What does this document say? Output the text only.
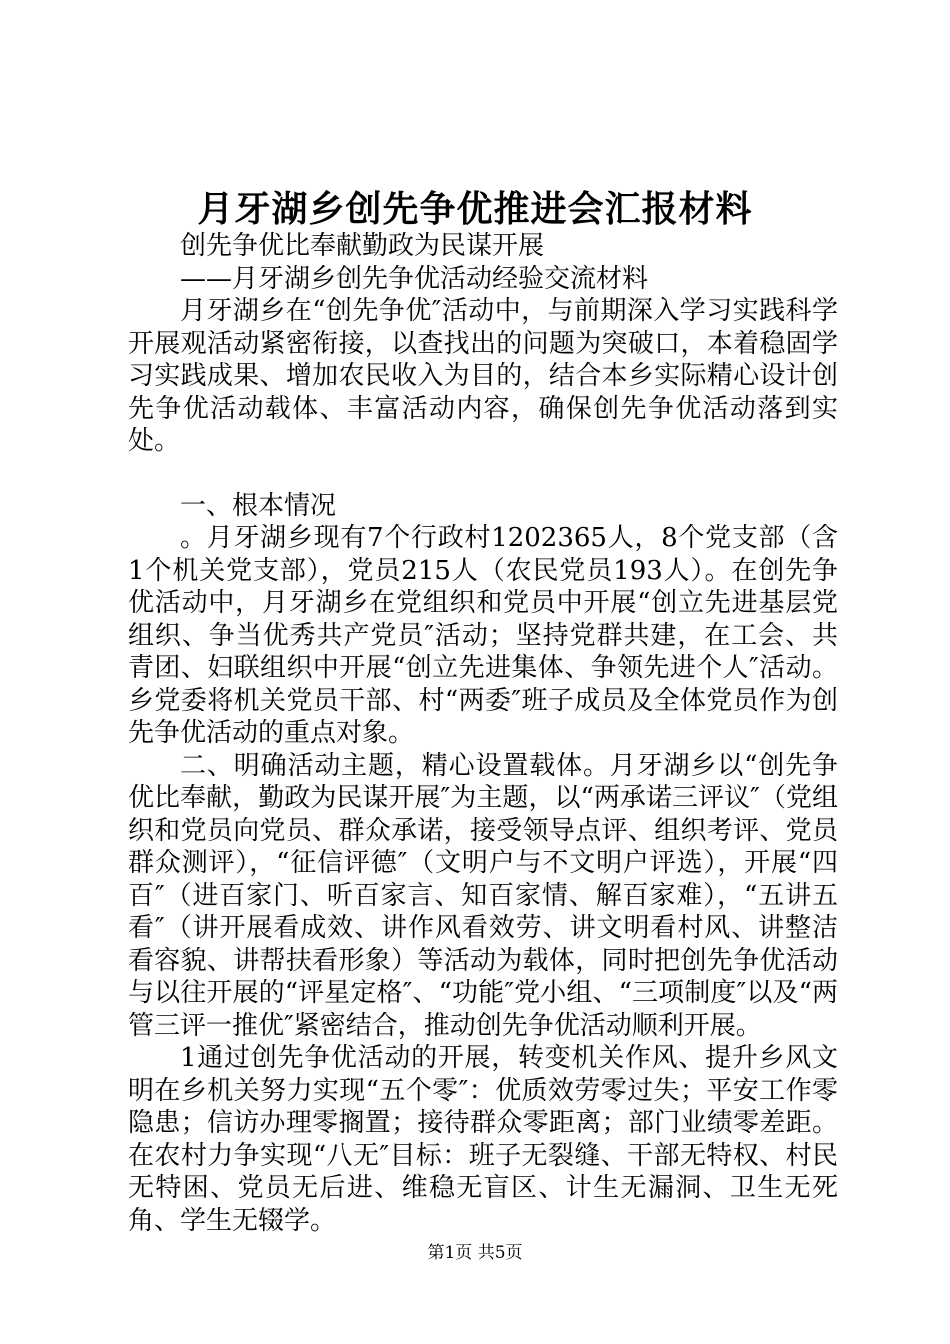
月牙湖乡创先争优推进会汇报材料

创先争优比奉献勤政为民谋开展

——月牙湖乡创先争优活动经验交流材料

月牙湖乡在“创先争优″活动中，与前期深入学习实践科学开展观活动紧密衔接，以查找出的问题为突破口，本着稳固学习实践成果、增加农民收入为目的，结合本乡实际精心设计创先争优活动载体、丰富活动内容，确保创先争优活动落到实处。

一、根本情况

。月牙湖乡现有7个行政村1202365人，8个党支部（含1个机关党支部），党员215人（农民党员193人）。在创先争优活动中，月牙湖乡在党组织和党员中开展“创立先进基层党组织、争当优秀共产党员″活动；坚持党群共建，在工会、共青团、妇联组织中开展“创立先进集体、争领先进个人″活动。乡党委将机关党员干部、村“两委″班子成员及全体党员作为创先争优活动的重点对象。

二、明确活动主题，精心设置载体。月牙湖乡以“创先争优比奉献，勤政为民谋开展″为主题，以“两承诺三评议″（党组织和党员向党员、群众承诺，接受领导点评、组织考评、党员群众测评），“征信评德″（文明户与不文明户评选），开展“四百″（进百家门、听百家言、知百家情、解百家难），“五讲五看″（讲开展看成效、讲作风看效劳、讲文明看村风、讲整洁看容貌、讲帮扶看形象）等活动为载体，同时把创先争优活动与以往开展的“评星定格″、“功能″党小组、“三项制度″以及“两管三评一推优″紧密结合，推动创先争优活动顺利开展。

1通过创先争优活动的开展，转变机关作风、提升乡风文明在乡机关努力实现“五个零″：优质效劳零过失；平安工作零隐患；信访办理零搁置；接待群众零距离；部门业绩零差距。在农村力争实现“八无″目标：班子无裂缝、干部无特权、村民无特困、党员无后进、维稳无盲区、计生无漏洞、卫生无死角、学生无辍学。

第1页 共5页
